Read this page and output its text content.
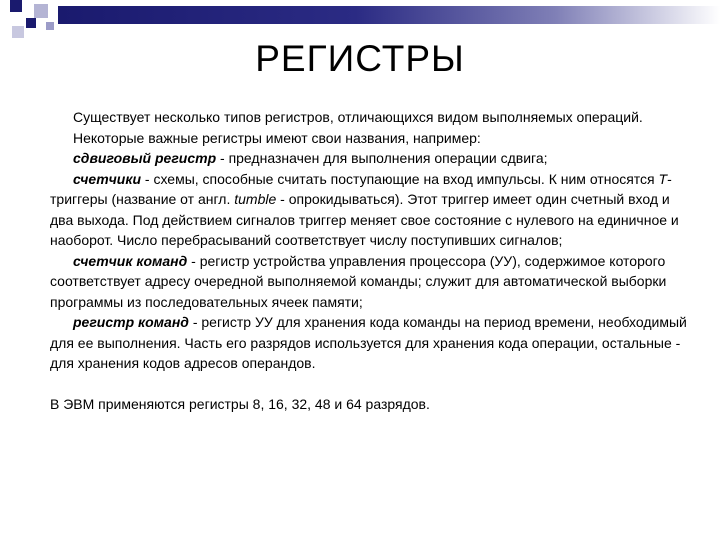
РЕГИСТРЫ

Существует несколько типов регистров, отличающихся видом выполняемых операций.

Некоторые важные регистры имеют свои названия, например:

сдвиговый регистр - предназначен для выполнения операции сдвига;

счетчики - схемы, способные считать поступающие на вход импульсы. К ним относятся T-триггеры (название от англ. tumble - опрокидываться). Этот триггер имеет один счетный вход и два выхода. Под действием сигналов триггер меняет свое состояние с нулевого на единичное и наоборот. Число перебрасываний соответствует числу поступивших сигналов;

счетчик команд - регистр устройства управления процессора (УУ), содержимое которого соответствует адресу очередной выполняемой команды; служит для автоматической выборки программы из последовательных ячеек памяти;

регистр команд - регистр УУ для хранения кода команды на период времени, необходимый для ее выполнения. Часть его разрядов используется для хранения кода операции, остальные - для хранения кодов адресов операндов.

В ЭВМ применяются регистры 8, 16, 32, 48 и 64 разрядов.
